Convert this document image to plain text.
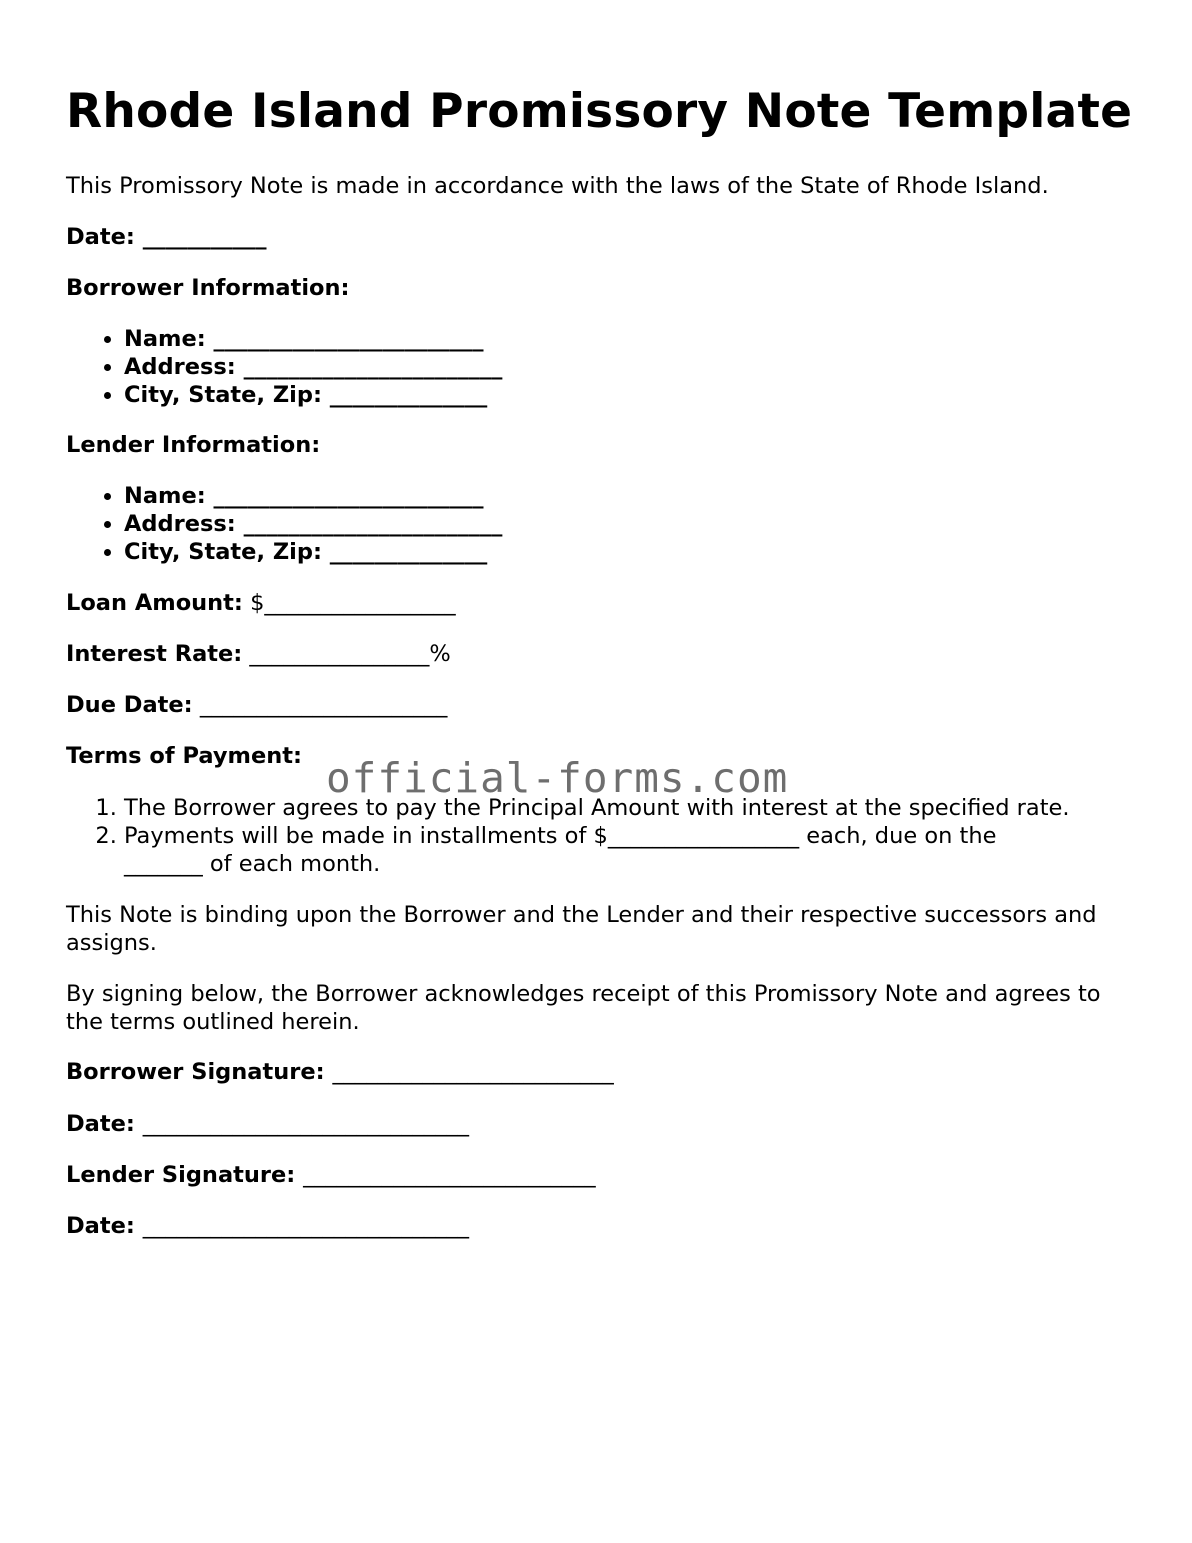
Rhode Island Promissory Note Template

This Promissory Note is made in accordance with the laws of the State of Rhode Island.

Date: ___________

Borrower Information:

• Name: ________________________
• Address: _______________________
• City, State, Zip: ______________

Lender Information:

• Name: ________________________
• Address: _______________________
• City, State, Zip: ______________

Loan Amount: $_________________

Interest Rate: ________________%

Due Date: ______________________

Terms of Payment:

1. The Borrower agrees to pay the Principal Amount with interest at the specified rate.
2. Payments will be made in installments of $_________________ each, due on the _______ of each month.

This Note is binding upon the Borrower and the Lender and their respective successors and assigns.

By signing below, the Borrower acknowledges receipt of this Promissory Note and agrees to the terms outlined herein.

Borrower Signature: _________________________

Date: _____________________________

Lender Signature: __________________________

Date: _____________________________

official-forms.com
